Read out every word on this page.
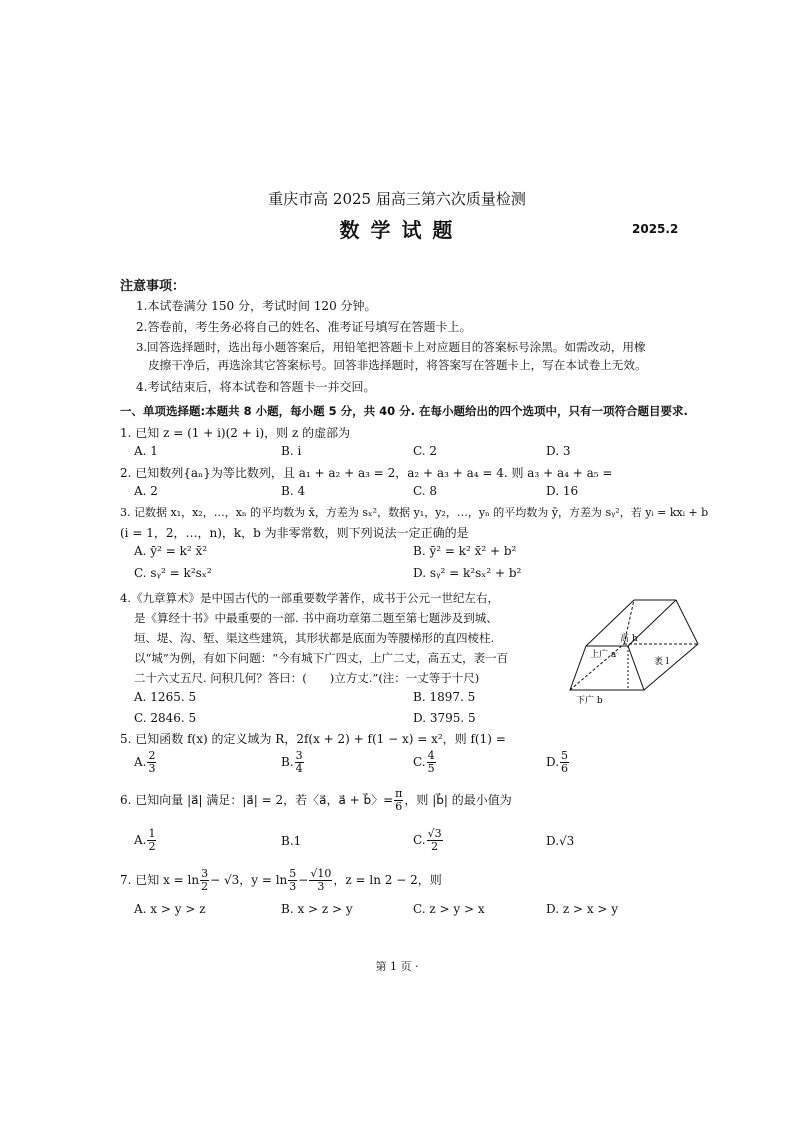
重庆市高 2025 届高三第六次质量检测
数 学 试 题	2025.2
注意事项：
1.本试卷满分 150 分，考试时间 120 分钟。
2.答卷前，考生务必将自己的姓名、准考证号填写在答题卡上。
3.回答选择题时，选出每小题答案后，用铅笔把答题卡上对应题目的答案标号涂黑。如需改动，用橡
皮擦干净后，再选涂其它答案标号。回答非选择题时，将答案写在答题卡上，写在本试卷上无效。
4.考试结束后，将本试卷和答题卡一并交回。
一、单项选择题:本题共 8 小题，每小题 5 分，共 40 分. 在每小题给出的四个选项中，只有一项符合题目要求.
1. 已知 z = (1 + i)(2 + i)，则 z 的虚部为
A. 1	B. i	C. 2	D. 3
2. 已知数列{aₙ}为等比数列，且 a₁ + a₂ + a₃ = 2，a₂ + a₃ + a₄ = 4. 则 a₃ + a₄ + a₅ =
A. 2	B. 4	C. 8	D. 16
3. 记数据 x₁，x₂，…，xₙ 的平均数为 x̄，方差为 sₓ²，数据 y₁，y₂，…，yₙ 的平均数为 ȳ，方差为 sᵧ²，若 yᵢ = kxᵢ + b
(i = 1，2，…，n)，k，b 为非零常数，则下列说法一定正确的是
A. ȳ² = k² x̄²	B. ȳ² = k² x̄² + b²
C. sᵧ² = k²sₓ²	D. sᵧ² = k²sₓ² + b²
4.《九章算术》是中国古代的一部重要数学著作，成书于公元一世纪左右，
是《算经十书》中最重要的一部. 书中商功章第二题至第七题涉及到城、
垣、堤、沟、堑、渠这些建筑，其形状都是底面为等腰梯形的直四棱柱.
以“城”为例，有如下问题：“今有城下广四丈，上广二丈，高五丈，袤一百
二十六丈五尺. 问积几何？答曰：(　　)立方丈.”(注：一丈等于十尺)
A. 1265. 5	B. 1897. 5
C. 2846. 5	D. 3795. 5
高 h
上广 a
袤 l
下广 b
5. 已知函数 f(x) 的定义域为 R，2f(x + 2) + f(1 − x) = x²，则 f(1) =
A. $\frac{2}{3}$	B. $\frac{3}{4}$	C. $\frac{4}{5}$	D. $\frac{5}{6}$
6. 已知向量 |a⃗| 满足：|a⃗| = 2，若〈a⃗，a⃗ + b⃗〉= $\frac{\pi}{6}$ ，则 |b⃗| 的最小值为
A. $\frac{1}{2}$	B.1	C. $\frac{√3}{2}$	D.√3
7. 已知 $x = \ln \frac{3}{2} - √3$，$y = \ln \frac{5}{3} - \frac{√10}{3}$ ，z = ln 2 − 2，则
A. x > y > z	B. x > z > y	C. z > y > x	D. z > x > y
第 1 页 ·
